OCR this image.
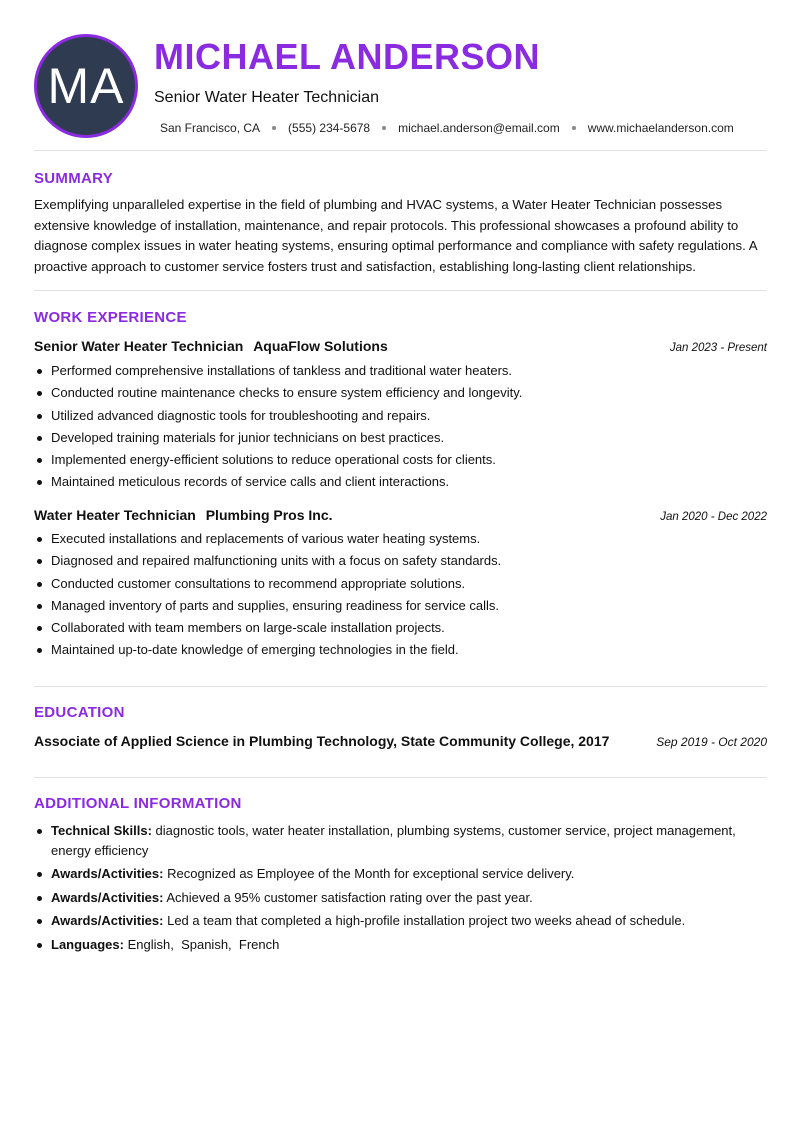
MA
MICHAEL ANDERSON
Senior Water Heater Technician
San Francisco, CA (555) 234-5678 michael.anderson@email.com www.michaelanderson.com
SUMMARY

Exemplifying unparalleled expertise in the field of plumbing and HVAC systems, a Water Heater Technician possesses extensive knowledge of installation, maintenance, and repair protocols. This professional showcases a profound ability to diagnose complex issues in water heating systems, ensuring optimal performance and compliance with safety regulations. A proactive approach to customer service fosters trust and satisfaction, establishing long-lasting client relationships.

WORK EXPERIENCE
Senior Water Heater Technician AquaFlow Solutions	Jan 2023 - Present
Performed comprehensive installations of tankless and traditional water heaters.
Conducted routine maintenance checks to ensure system efficiency and longevity.
Utilized advanced diagnostic tools for troubleshooting and repairs.
Developed training materials for junior technicians on best practices.
Implemented energy-efficient solutions to reduce operational costs for clients.
Maintained meticulous records of service calls and client interactions.
Water Heater Technician Plumbing Pros Inc.	Jan 2020 - Dec 2022
Executed installations and replacements of various water heating systems.
Diagnosed and repaired malfunctioning units with a focus on safety standards.
Conducted customer consultations to recommend appropriate solutions.
Managed inventory of parts and supplies, ensuring readiness for service calls.
Collaborated with team members on large-scale installation projects.
Maintained up-to-date knowledge of emerging technologies in the field.
EDUCATION
Associate of Applied Science in Plumbing Technology, State Community College, 2017	Sep 2019 - Oct 2020
ADDITIONAL INFORMATION
Technical Skills: diagnostic tools, water heater installation, plumbing systems, customer service, project management, energy efficiency
Awards/Activities: Recognized as Employee of the Month for exceptional service delivery.
Awards/Activities: Achieved a 95% customer satisfaction rating over the past year.
Awards/Activities: Led a team that completed a high-profile installation project two weeks ahead of schedule.
Languages: English,  Spanish,  French
